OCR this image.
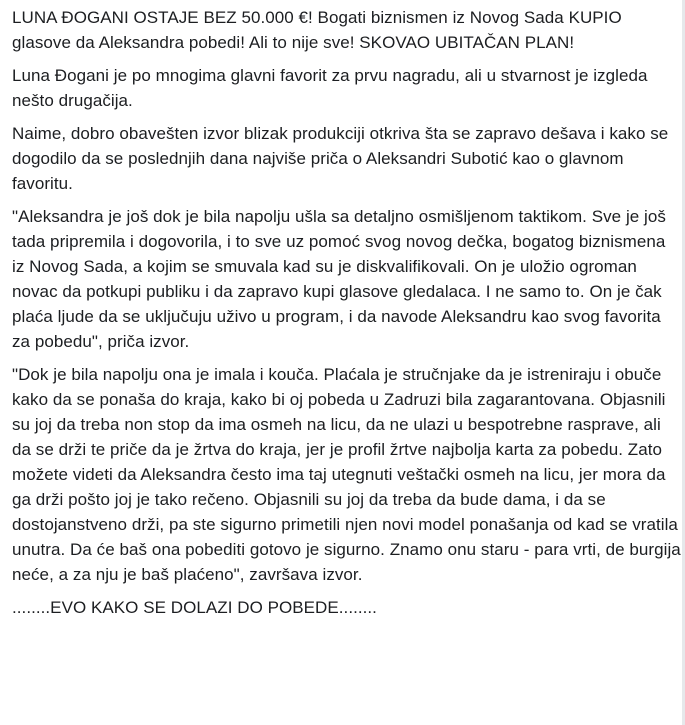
LUNA ĐOGANI OSTAJE BEZ 50.000 €! Bogati biznismen iz Novog Sada KUPIO glasove da Aleksandra pobedi! Ali to nije sve! SKOVAO UBITAČAN PLAN!

Luna Đogani je po mnogima glavni favorit za prvu nagradu, ali u stvarnost je izgleda nešto drugačija.

Naime, dobro obavešten izvor blizak produkciji otkriva šta se zapravo dešava i kako se dogodilo da se poslednjih dana najviše priča o Aleksandri Subotić kao o glavnom favoritu.

"Aleksandra je još dok je bila napolju ušla sa detaljno osmišljenom taktikom. Sve je još tada pripremila i dogovorila, i to sve uz pomoć svog novog dečka, bogatog biznismena iz Novog Sada, a kojim se smuvala kad su je diskvalifikovali. On je uložio ogroman novac da potkupi publiku i da zapravo kupi glasove gledalaca. I ne samo to. On je čak plaća ljude da se uključuju uživo u program, i da navode Aleksandru kao svog favorita za pobedu", priča izvor.

"Dok je bila napolju ona je imala i kouča. Plaćala je stručnjake da je istreniraju i obuče kako da se ponaša do kraja, kako bi oj pobeda u Zadruzi bila zagarantovana. Objasnili su joj da treba non stop da ima osmeh na licu, da ne ulazi u bespotrebne rasprave, ali da se drži te priče da je žrtva do kraja, jer je profil žrtve najbolja karta za pobedu. Zato možete videti da Aleksandra često ima taj utegnuti veštački osmeh na licu, jer mora da ga drži pošto joj je tako rečeno. Objasnili su joj da treba da bude dama, i da se dostojanstveno drži, pa ste sigurno primetili njen novi model ponašanja od kad se vratila unutra. Da će baš ona pobediti gotovo je sigurno. Znamo onu staru - para vrti, de burgija neće, a za nju je baš plaćeno", završava izvor.

........EVO KAKO SE DOLAZI DO POBEDE........
